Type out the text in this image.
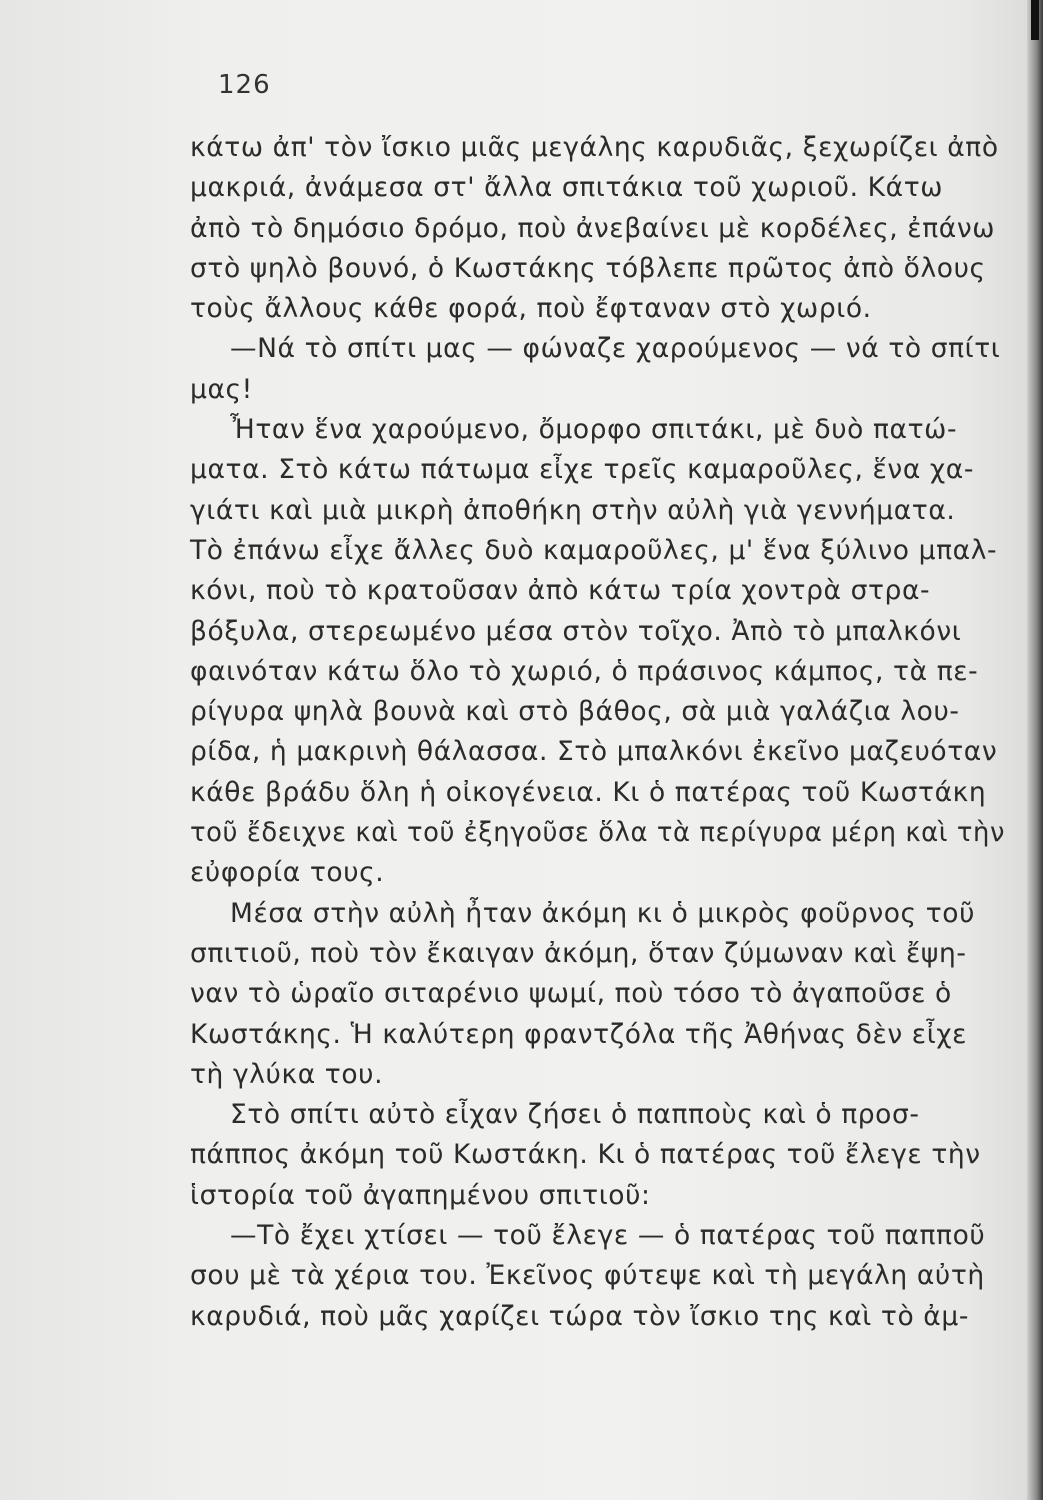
126
κάτω ἀπ' τὸν ἴσκιο μιᾶς μεγάλης καρυδιᾶς, ξεχωρίζει ἀπὸ
μακριά, ἀνάμεσα στ' ἄλλα σπιτάκια τοῦ χωριοῦ. Κάτω
ἀπὸ τὸ δημόσιο δρόμο, ποὺ ἀνεβαίνει μὲ κορδέλες, ἐπάνω
στὸ ψηλὸ βουνό, ὁ Κωστάκης τόβλεπε πρῶτος ἀπὸ ὅλους
τοὺς ἄλλους κάθε φορά, ποὺ ἔφταναν στὸ χωριό.
—Νά τὸ σπίτι μας — φώναζε χαρούμενος — νά τὸ σπίτι
μας!
Ἦταν ἕνα χαρούμενο, ὄμορφο σπιτάκι, μὲ δυὸ πατώ-
ματα. Στὸ κάτω πάτωμα εἶχε τρεῖς καμαροῦλες, ἕνα χα-
γιάτι καὶ μιὰ μικρὴ ἀποθήκη στὴν αὐλὴ γιὰ γεννήματα.
Τὸ ἐπάνω εἶχε ἄλλες δυὸ καμαροῦλες, μ' ἕνα ξύλινο μπαλ-
κόνι, ποὺ τὸ κρατοῦσαν ἀπὸ κάτω τρία χοντρὰ στρα-
βόξυλα, στερεωμένο μέσα στὸν τοῖχο. Ἀπὸ τὸ μπαλκόνι
φαινόταν κάτω ὅλο τὸ χωριό, ὁ πράσινος κάμπος, τὰ πε-
ρίγυρα ψηλὰ βουνὰ καὶ στὸ βάθος, σὰ μιὰ γαλάζια λου-
ρίδα, ἡ μακρινὴ θάλασσα. Στὸ μπαλκόνι ἐκεῖνο μαζευόταν
κάθε βράδυ ὅλη ἡ οἰκογένεια. Κι ὁ πατέρας τοῦ Κωστάκη
τοῦ ἔδειχνε καὶ τοῦ ἐξηγοῦσε ὅλα τὰ περίγυρα μέρη καὶ τὴν
εὐφορία τους.
Μέσα στὴν αὐλὴ ἦταν ἀκόμη κι ὁ μικρὸς φοῦρνος τοῦ
σπιτιοῦ, ποὺ τὸν ἔκαιγαν ἀκόμη, ὅταν ζύμωναν καὶ ἔψη-
ναν τὸ ὡραῖο σιταρένιο ψωμί, ποὺ τόσο τὸ ἀγαποῦσε ὁ
Κωστάκης. Ἡ καλύτερη φραντζόλα τῆς Ἀθήνας δὲν εἶχε
τὴ γλύκα του.
Στὸ σπίτι αὐτὸ εἶχαν ζήσει ὁ παπποὺς καὶ ὁ προσ-
πάππος ἀκόμη τοῦ Κωστάκη. Κι ὁ πατέρας τοῦ ἔλεγε τὴν
ἱστορία τοῦ ἀγαπημένου σπιτιοῦ:
—Τὸ ἔχει χτίσει — τοῦ ἔλεγε — ὁ πατέρας τοῦ παπποῦ
σου μὲ τὰ χέρια του. Ἐκεῖνος φύτεψε καὶ τὴ μεγάλη αὐτὴ
καρυδιά, ποὺ μᾶς χαρίζει τώρα τὸν ἴσκιο της καὶ τὸ ἀμ-
